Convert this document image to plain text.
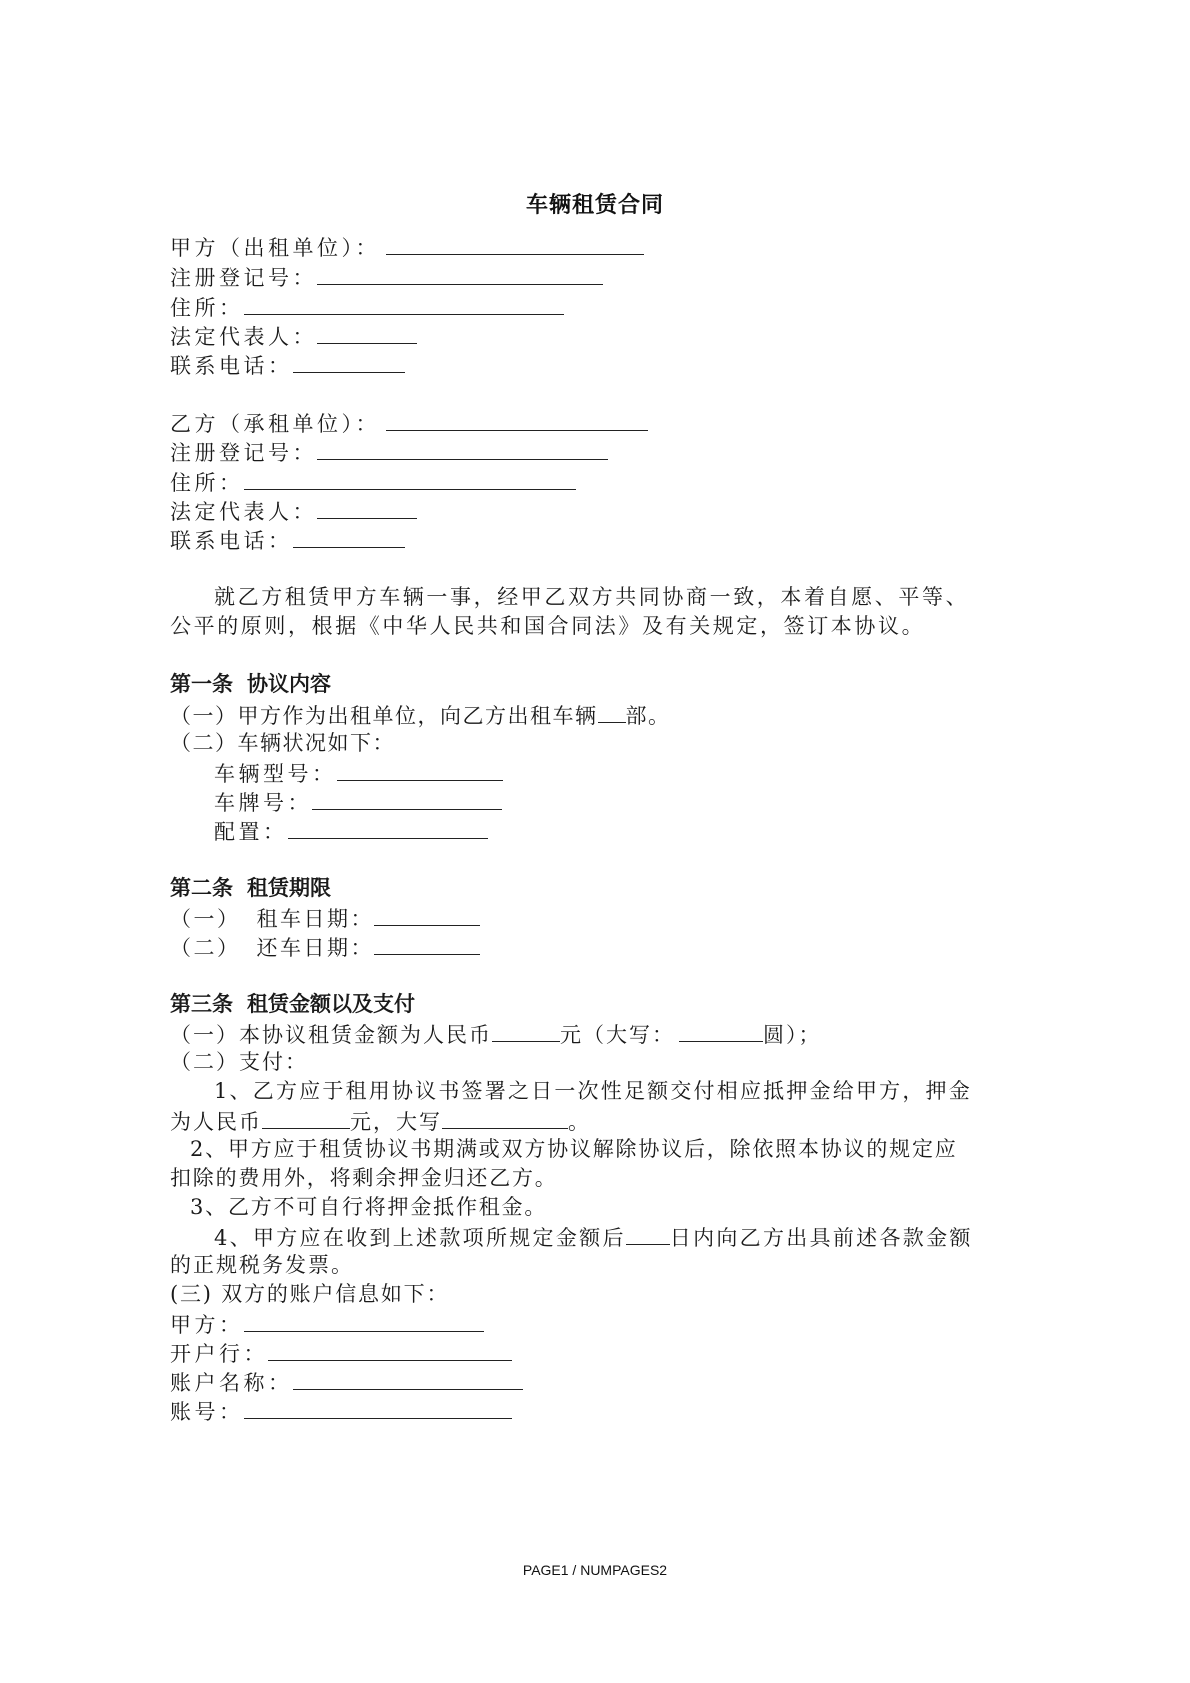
车辆租赁合同
甲方（出租单位）：
注册登记号：
住所：
法定代表人：
联系电话：
乙方（承租单位）：
注册登记号：
住所：
法定代表人：
联系电话：
就乙方租赁甲方车辆一事，经甲乙双方共同协商一致，本着自愿、平等、
公平的原则，根据《中华人民共和国合同法》及有关规定，签订本协议。
第一条 协议内容
（一）甲方作为出租单位，向乙方出租车辆 部。
（二）车辆状况如下：
车辆型号：
车牌号：
配置：
第二条 租赁期限
（一） 租车日期：
（二） 还车日期：
第三条 租赁金额以及支付
（一）本协议租赁金额为人民币	元（大写：	圆）；
（二）支付：
1、乙方应于租用协议书签署之日一次性足额交付相应抵押金给甲方，押金
为人民币	元，大写	。
2、甲方应于租赁协议书期满或双方协议解除协议后，除依照本协议的规定应
扣除的费用外，将剩余押金归还乙方。
3、乙方不可自行将押金抵作租金。
4、甲方应在收到上述款项所规定金额后 日内向乙方出具前述各款金额
的正规税务发票。
(三) 双方的账户信息如下：
甲方：
开户行：
账户名称：
账号：
PAGE1 / NUMPAGES2
